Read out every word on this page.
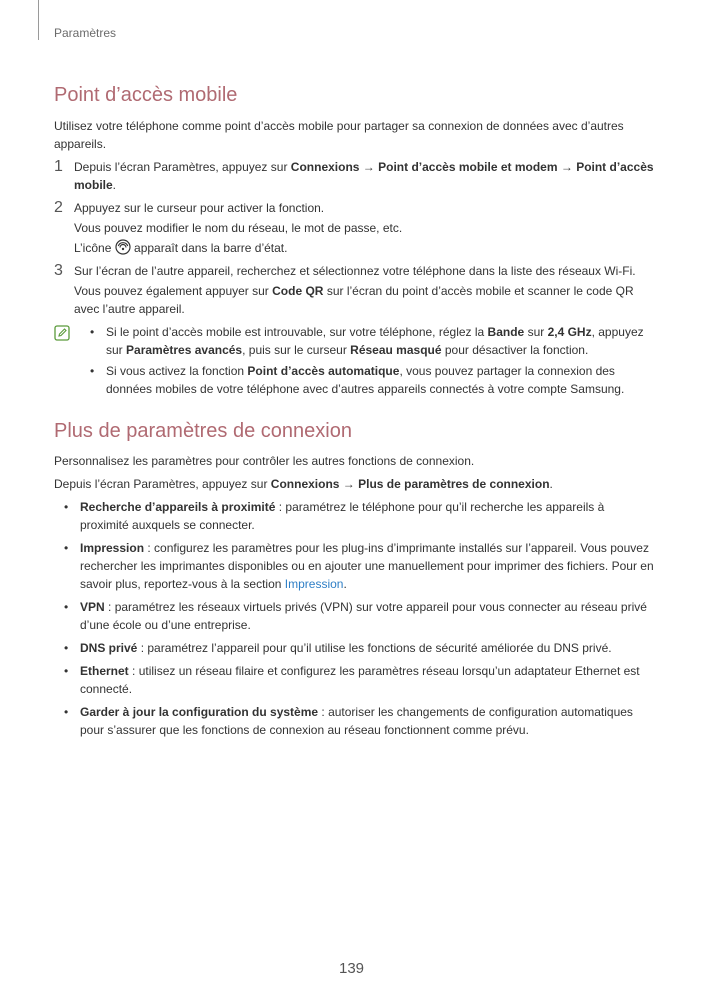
Paramètres
Point d’accès mobile

Utilisez votre téléphone comme point d’accès mobile pour partager sa connexion de données avec d’autres appareils.

1 Depuis l’écran Paramètres, appuyez sur Connexions → Point d’accès mobile et modem → Point d’accès mobile.

2 Appuyez sur le curseur pour activer la fonction.

Vous pouvez modifier le nom du réseau, le mot de passe, etc.

L’icône  apparaît dans la barre d’état.

3 Sur l’écran de l’autre appareil, recherchez et sélectionnez votre téléphone dans la liste des réseaux Wi-Fi.

Vous pouvez également appuyer sur Code QR sur l’écran du point d’accès mobile et scanner le code QR avec l’autre appareil.

• Si le point d’accès mobile est introuvable, sur votre téléphone, réglez la Bande sur 2,4 GHz, appuyez sur Paramètres avancés, puis sur le curseur Réseau masqué pour désactiver la fonction.
• Si vous activez la fonction Point d’accès automatique, vous pouvez partager la connexion des données mobiles de votre téléphone avec d’autres appareils connectés à votre compte Samsung.
Plus de paramètres de connexion

Personnalisez les paramètres pour contrôler les autres fonctions de connexion.

Depuis l’écran Paramètres, appuyez sur Connexions → Plus de paramètres de connexion.

• Recherche d’appareils à proximité : paramétrez le téléphone pour qu’il recherche les appareils à proximité auxquels se connecter.
• Impression : configurez les paramètres pour les plug-ins d’imprimante installés sur l’appareil. Vous pouvez rechercher les imprimantes disponibles ou en ajouter une manuellement pour imprimer des fichiers. Pour en savoir plus, reportez-vous à la section Impression.
• VPN : paramétrez les réseaux virtuels privés (VPN) sur votre appareil pour vous connecter au réseau privé d’une école ou d’une entreprise.
• DNS privé : paramétrez l’appareil pour qu’il utilise les fonctions de sécurité améliorée du DNS privé.
• Ethernet : utilisez un réseau filaire et configurez les paramètres réseau lorsqu’un adaptateur Ethernet est connecté.
• Garder à jour la configuration du système : autoriser les changements de configuration automatiques pour s’assurer que les fonctions de connexion au réseau fonctionnent comme prévu.
139
